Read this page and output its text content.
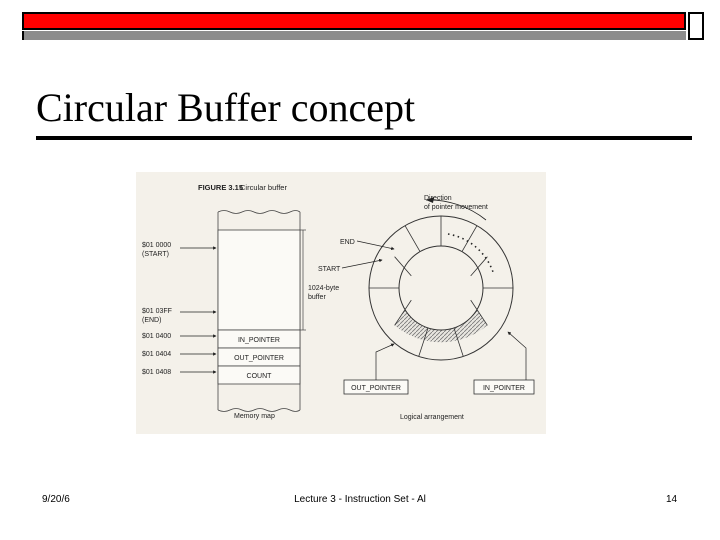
Circular Buffer concept
FIGURE 3.15
Circular buffer
IN_POINTER
OUT_POINTER
COUNT
Memory map
$01 0000
(START)
$01 03FF
(END)
$01 0400
$01 0404
$01 0408
1024-byte
buffer
Direction
of pointer movement
END
START
OUT_POINTER	IN_POINTER
Logical arrangement
9/20/6	Lecture 3 - Instruction Set - Al	14
